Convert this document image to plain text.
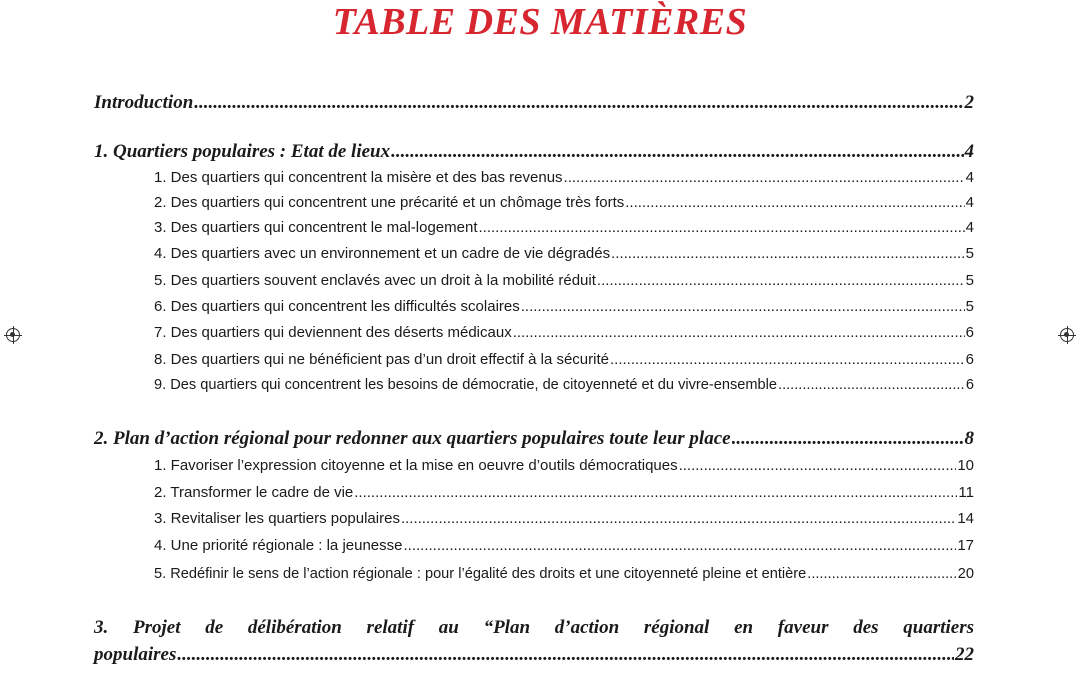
TABLE DES MATIÈRES
Introduction .....	2
1. Quartiers populaires : Etat de lieux .....	4
1. Des quartiers qui concentrent la misère et des bas revenus .....	4
2. Des quartiers qui concentrent une précarité et un chômage très forts .....	4
3. Des quartiers qui concentrent le mal-logement .....	4
4. Des quartiers avec un environnement et un cadre de vie dégradés .....	5
5. Des quartiers souvent enclavés avec un droit à la mobilité réduit .....	5
6. Des quartiers qui concentrent les difficultés scolaires .....	5
7. Des quartiers qui deviennent des déserts médicaux .....	6
8. Des quartiers qui ne bénéficient pas d’un droit effectif à la sécurité .....	6
9. Des quartiers qui concentrent les besoins de démocratie, de citoyenneté et du vivre-ensemble .....	6
2. Plan d’action régional pour redonner aux quartiers populaires toute leur place .....	8
1. Favoriser l’expression citoyenne et la mise en oeuvre d’outils démocratiques .....	10
2. Transformer le cadre de vie .....	11
3. Revitaliser les quartiers populaires .....	14
4. Une priorité régionale : la jeunesse .....	17
5. Redéfinir le sens de l’action régionale : pour l’égalité des droits et une citoyenneté pleine et entière .....	20
3. Projet de délibération relatif au “Plan d’action régional en faveur des quartiers
populaires .....	22
